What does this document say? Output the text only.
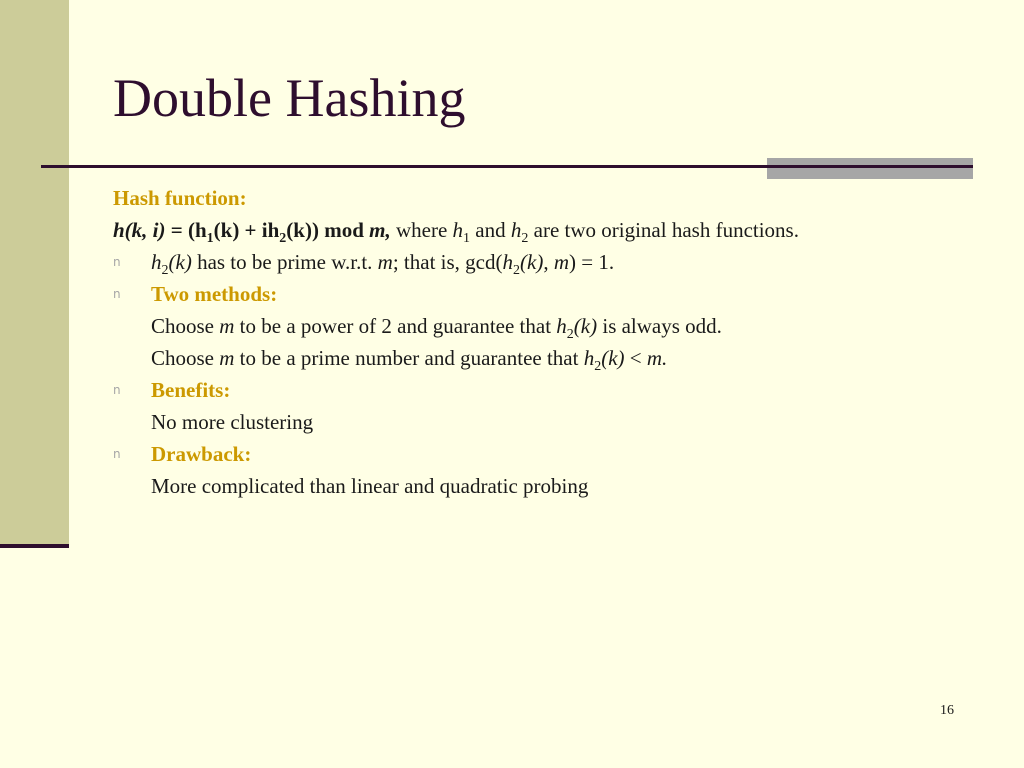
Double Hashing
Hash function:
h(k, $i) = (h_1(k) + ih_2(k))$ mod m, where $h_1$ and $h_2$ are two original hash functions.
n $h_2(k)$ has to be prime w.r.t. m; that is, $\gcd(h_2(k)$, m) = 1.
n Two methods:
Choose m to be a power of 2 and guarantee that $h_2(k)$ is always odd.
Choose m to be a prime number and guarantee that $h_2(k) < m$.
n Benefits:
No more clustering
n Drawback:
More complicated than linear and quadratic probing
16
